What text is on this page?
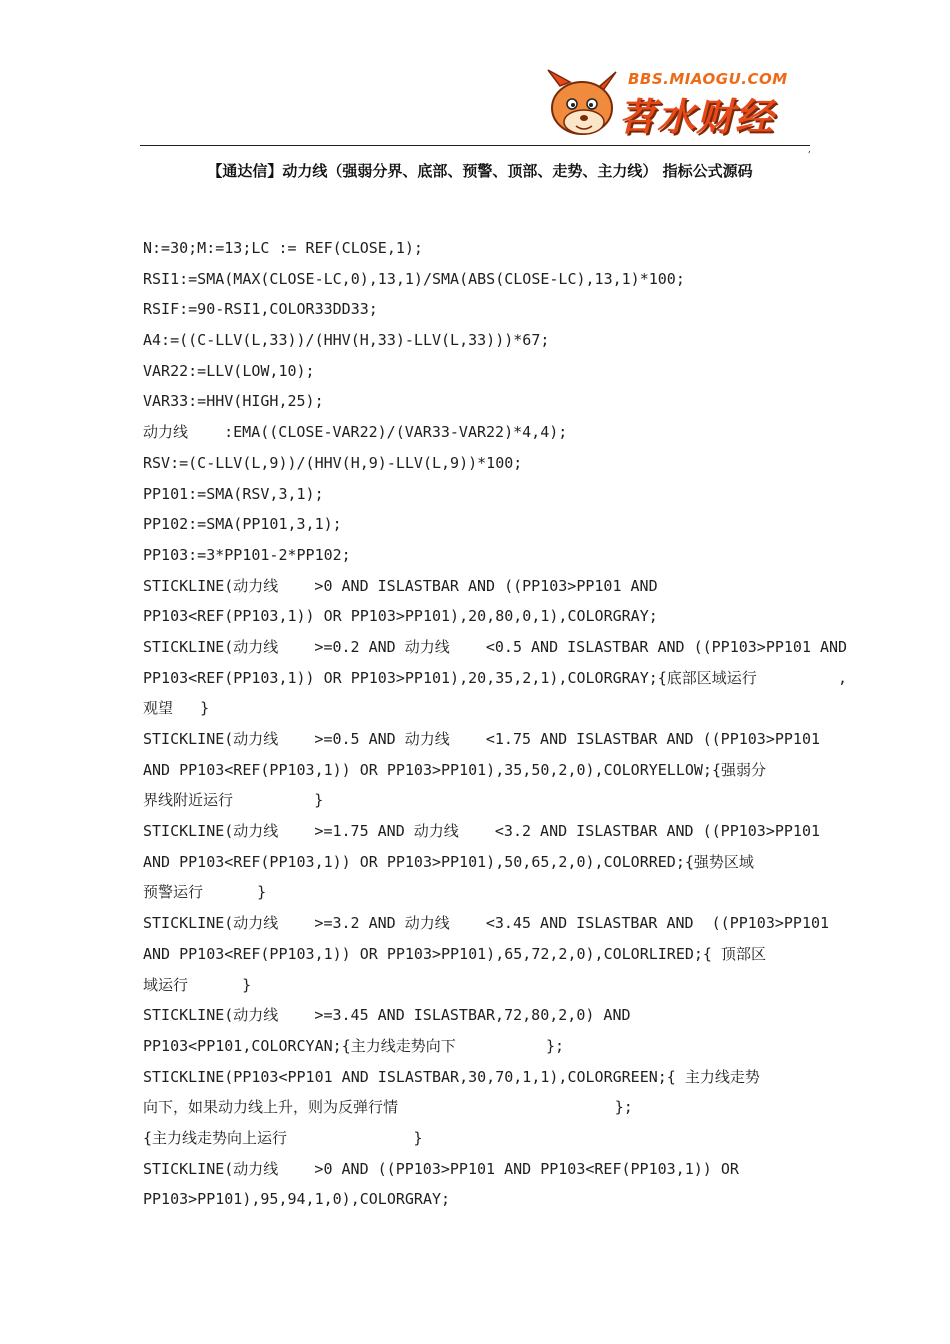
BBS.MIAOGU.COM
苕水财经
,
【通达信】动力线（强弱分界、底部、预警、顶部、走势、主力线） 指标公式源码
N:=30;M:=13;LC := REF(CLOSE,1);
RSI1:=SMA(MAX(CLOSE-LC,0),13,1)/SMA(ABS(CLOSE-LC),13,1)*100;
RSIF:=90-RSI1,COLOR33DD33;
A4:=((C-LLV(L,33))/(HHV(H,33)-LLV(L,33)))*67;
VAR22:=LLV(LOW,10);
VAR33:=HHV(HIGH,25);
动力线    :EMA((CLOSE-VAR22)/(VAR33-VAR22)*4,4);
RSV:=(C-LLV(L,9))/(HHV(H,9)-LLV(L,9))*100;
PP101:=SMA(RSV,3,1);
PP102:=SMA(PP101,3,1);
PP103:=3*PP101-2*PP102;
STICKLINE(动力线    >0 AND ISLASTBAR AND ((PP103>PP101 AND
PP103<REF(PP103,1)) OR PP103>PP101),20,80,0,1),COLORGRAY;
STICKLINE(动力线    >=0.2 AND 动力线    <0.5 AND ISLASTBAR AND ((PP103>PP101 AND
PP103<REF(PP103,1)) OR PP103>PP101),20,35,2,1),COLORGRAY;{底部区域运行         ,
观望   }
STICKLINE(动力线    >=0.5 AND 动力线    <1.75 AND ISLASTBAR AND ((PP103>PP101
AND PP103<REF(PP103,1)) OR PP103>PP101),35,50,2,0),COLORYELLOW;{强弱分
界线附近运行         }
STICKLINE(动力线    >=1.75 AND 动力线    <3.2 AND ISLASTBAR AND ((PP103>PP101
AND PP103<REF(PP103,1)) OR PP103>PP101),50,65,2,0),COLORRED;{强势区域
预警运行      }
STICKLINE(动力线    >=3.2 AND 动力线    <3.45 AND ISLASTBAR AND  ((PP103>PP101
AND PP103<REF(PP103,1)) OR PP103>PP101),65,72,2,0),COLORLIRED;{ 顶部区
域运行      }
STICKLINE(动力线    >=3.45 AND ISLASTBAR,72,80,2,0) AND
PP103<PP101,COLORCYAN;{主力线走势向下          };
STICKLINE(PP103<PP101 AND ISLASTBAR,30,70,1,1),COLORGREEN;{ 主力线走势
向下，如果动力线上升，则为反弹行情                        };
{主力线走势向上运行              }
STICKLINE(动力线    >0 AND ((PP103>PP101 AND PP103<REF(PP103,1)) OR
PP103>PP101),95,94,1,0),COLORGRAY;
